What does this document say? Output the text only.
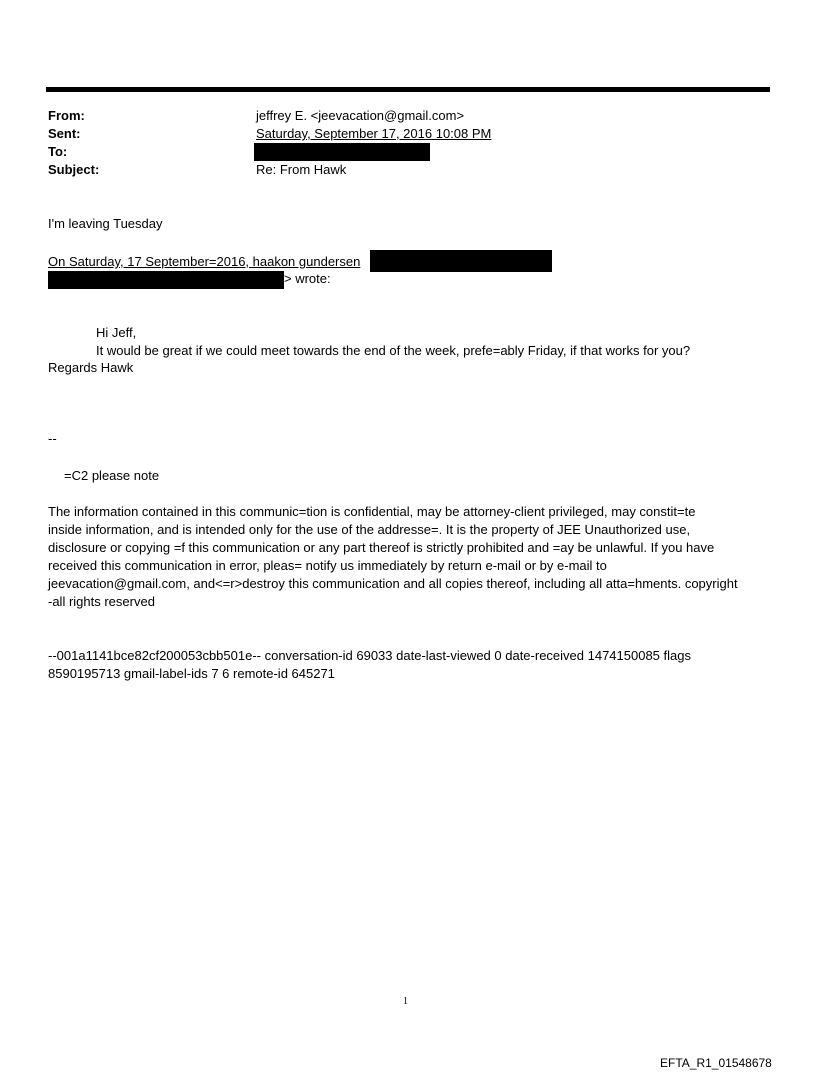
From:	jeffrey E. <jeevacation@gmail.com>
Sent:	Saturday, September 17, 2016 10:08 PM
To:
Subject:	Re: From Hawk
I'm leaving Tuesday
On Saturday, 17 September=2016, haakon gundersen
> wrote:
Hi Jeff,
It would be great if we could meet towards the end of the week, prefe=ably Friday, if that works for you?
Regards Hawk
--
=C2 please note
The information contained in this communic=tion is confidential, may be attorney-client privileged, may constit=te
inside information, and is intended only for the use of the addresse=. It is the property of JEE Unauthorized use,
disclosure or copying =f this communication or any part thereof is strictly prohibited and =ay be unlawful. If you have
received this communication in error, pleas= notify us immediately by return e-mail or by e-mail to
jeevacation@gmail.com, and<=r>destroy this communication and all copies thereof, including all atta=hments. copyright
-all rights reserved
--001a1141bce82cf200053cbb501e-- conversation-id 69033 date-last-viewed 0 date-received 1474150085 flags
8590195713 gmail-label-ids 7 6 remote-id 645271
1
EFTA_R1_01548678
